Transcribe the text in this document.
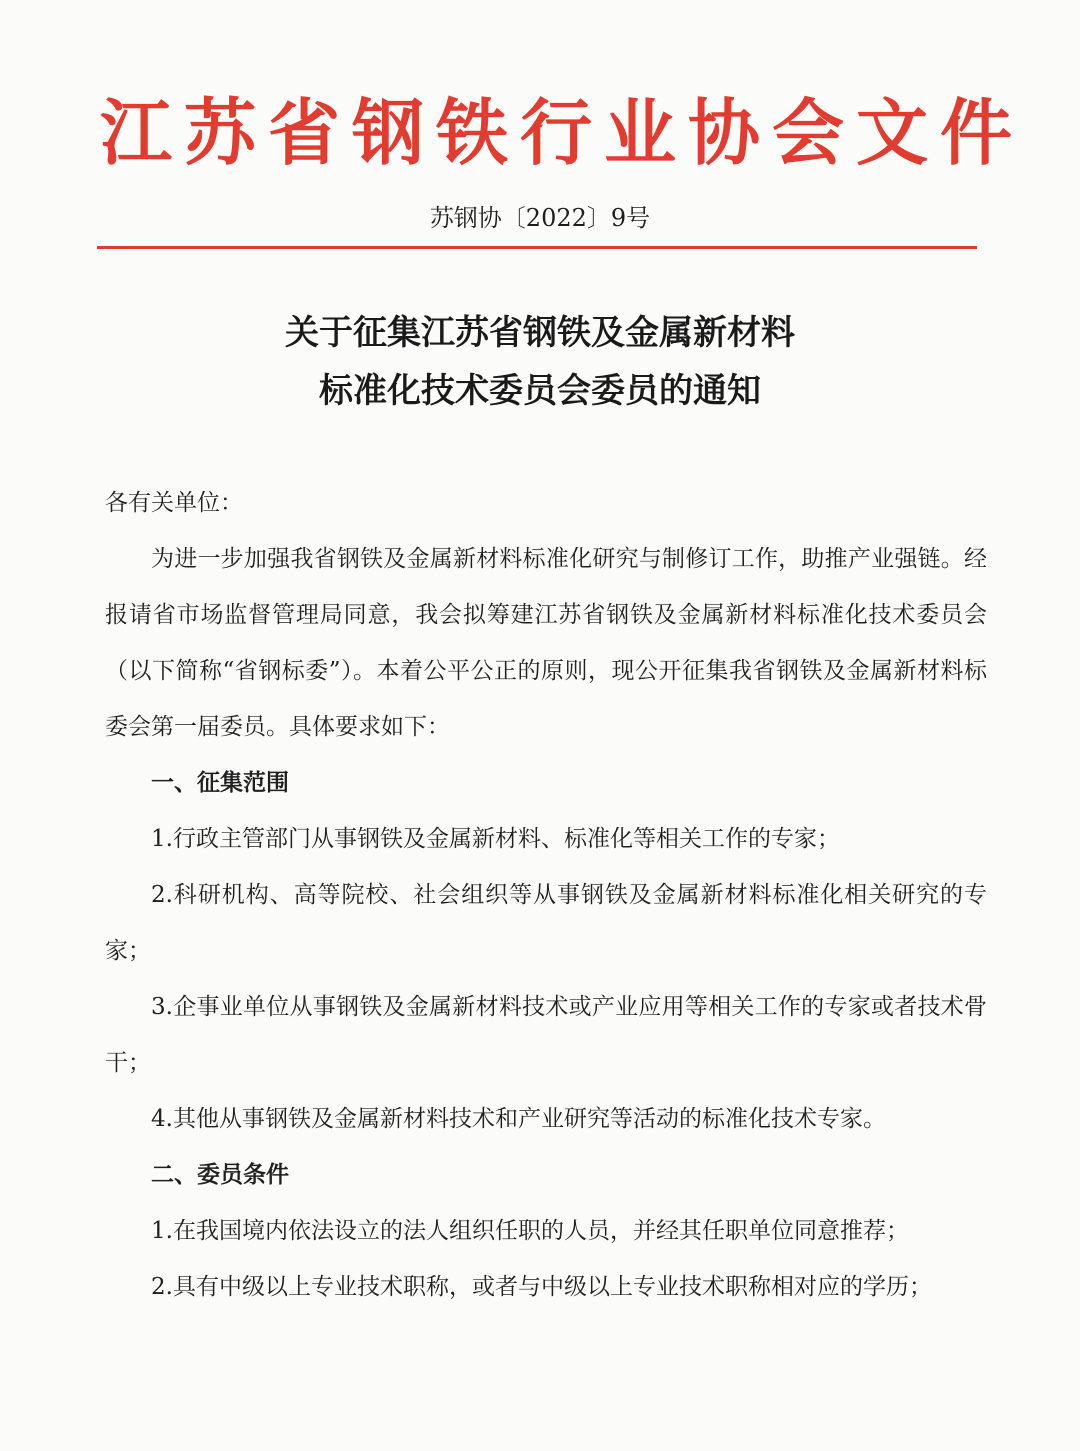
江苏省钢铁行业协会文件
苏钢协〔2022〕9号
关于征集江苏省钢铁及金属新材料
标准化技术委员会委员的通知

各有关单位：

为进一步加强我省钢铁及金属新材料标准化研究与制修订工作，助推产业强链。经报请省市场监督管理局同意，我会拟筹建江苏省钢铁及金属新材料标准化技术委员会（以下简称“省钢标委”）。本着公平公正的原则，现公开征集我省钢铁及金属新材料标委会第一届委员。具体要求如下：

一、征集范围

1.行政主管部门从事钢铁及金属新材料、标准化等相关工作的专家；

2.科研机构、高等院校、社会组织等从事钢铁及金属新材料标准化相关研究的专家；

3.企事业单位从事钢铁及金属新材料技术或产业应用等相关工作的专家或者技术骨干；

4.其他从事钢铁及金属新材料技术和产业研究等活动的标准化技术专家。

二、委员条件

1.在我国境内依法设立的法人组织任职的人员，并经其任职单位同意推荐；

2.具有中级以上专业技术职称，或者与中级以上专业技术职称相对应的学历；
